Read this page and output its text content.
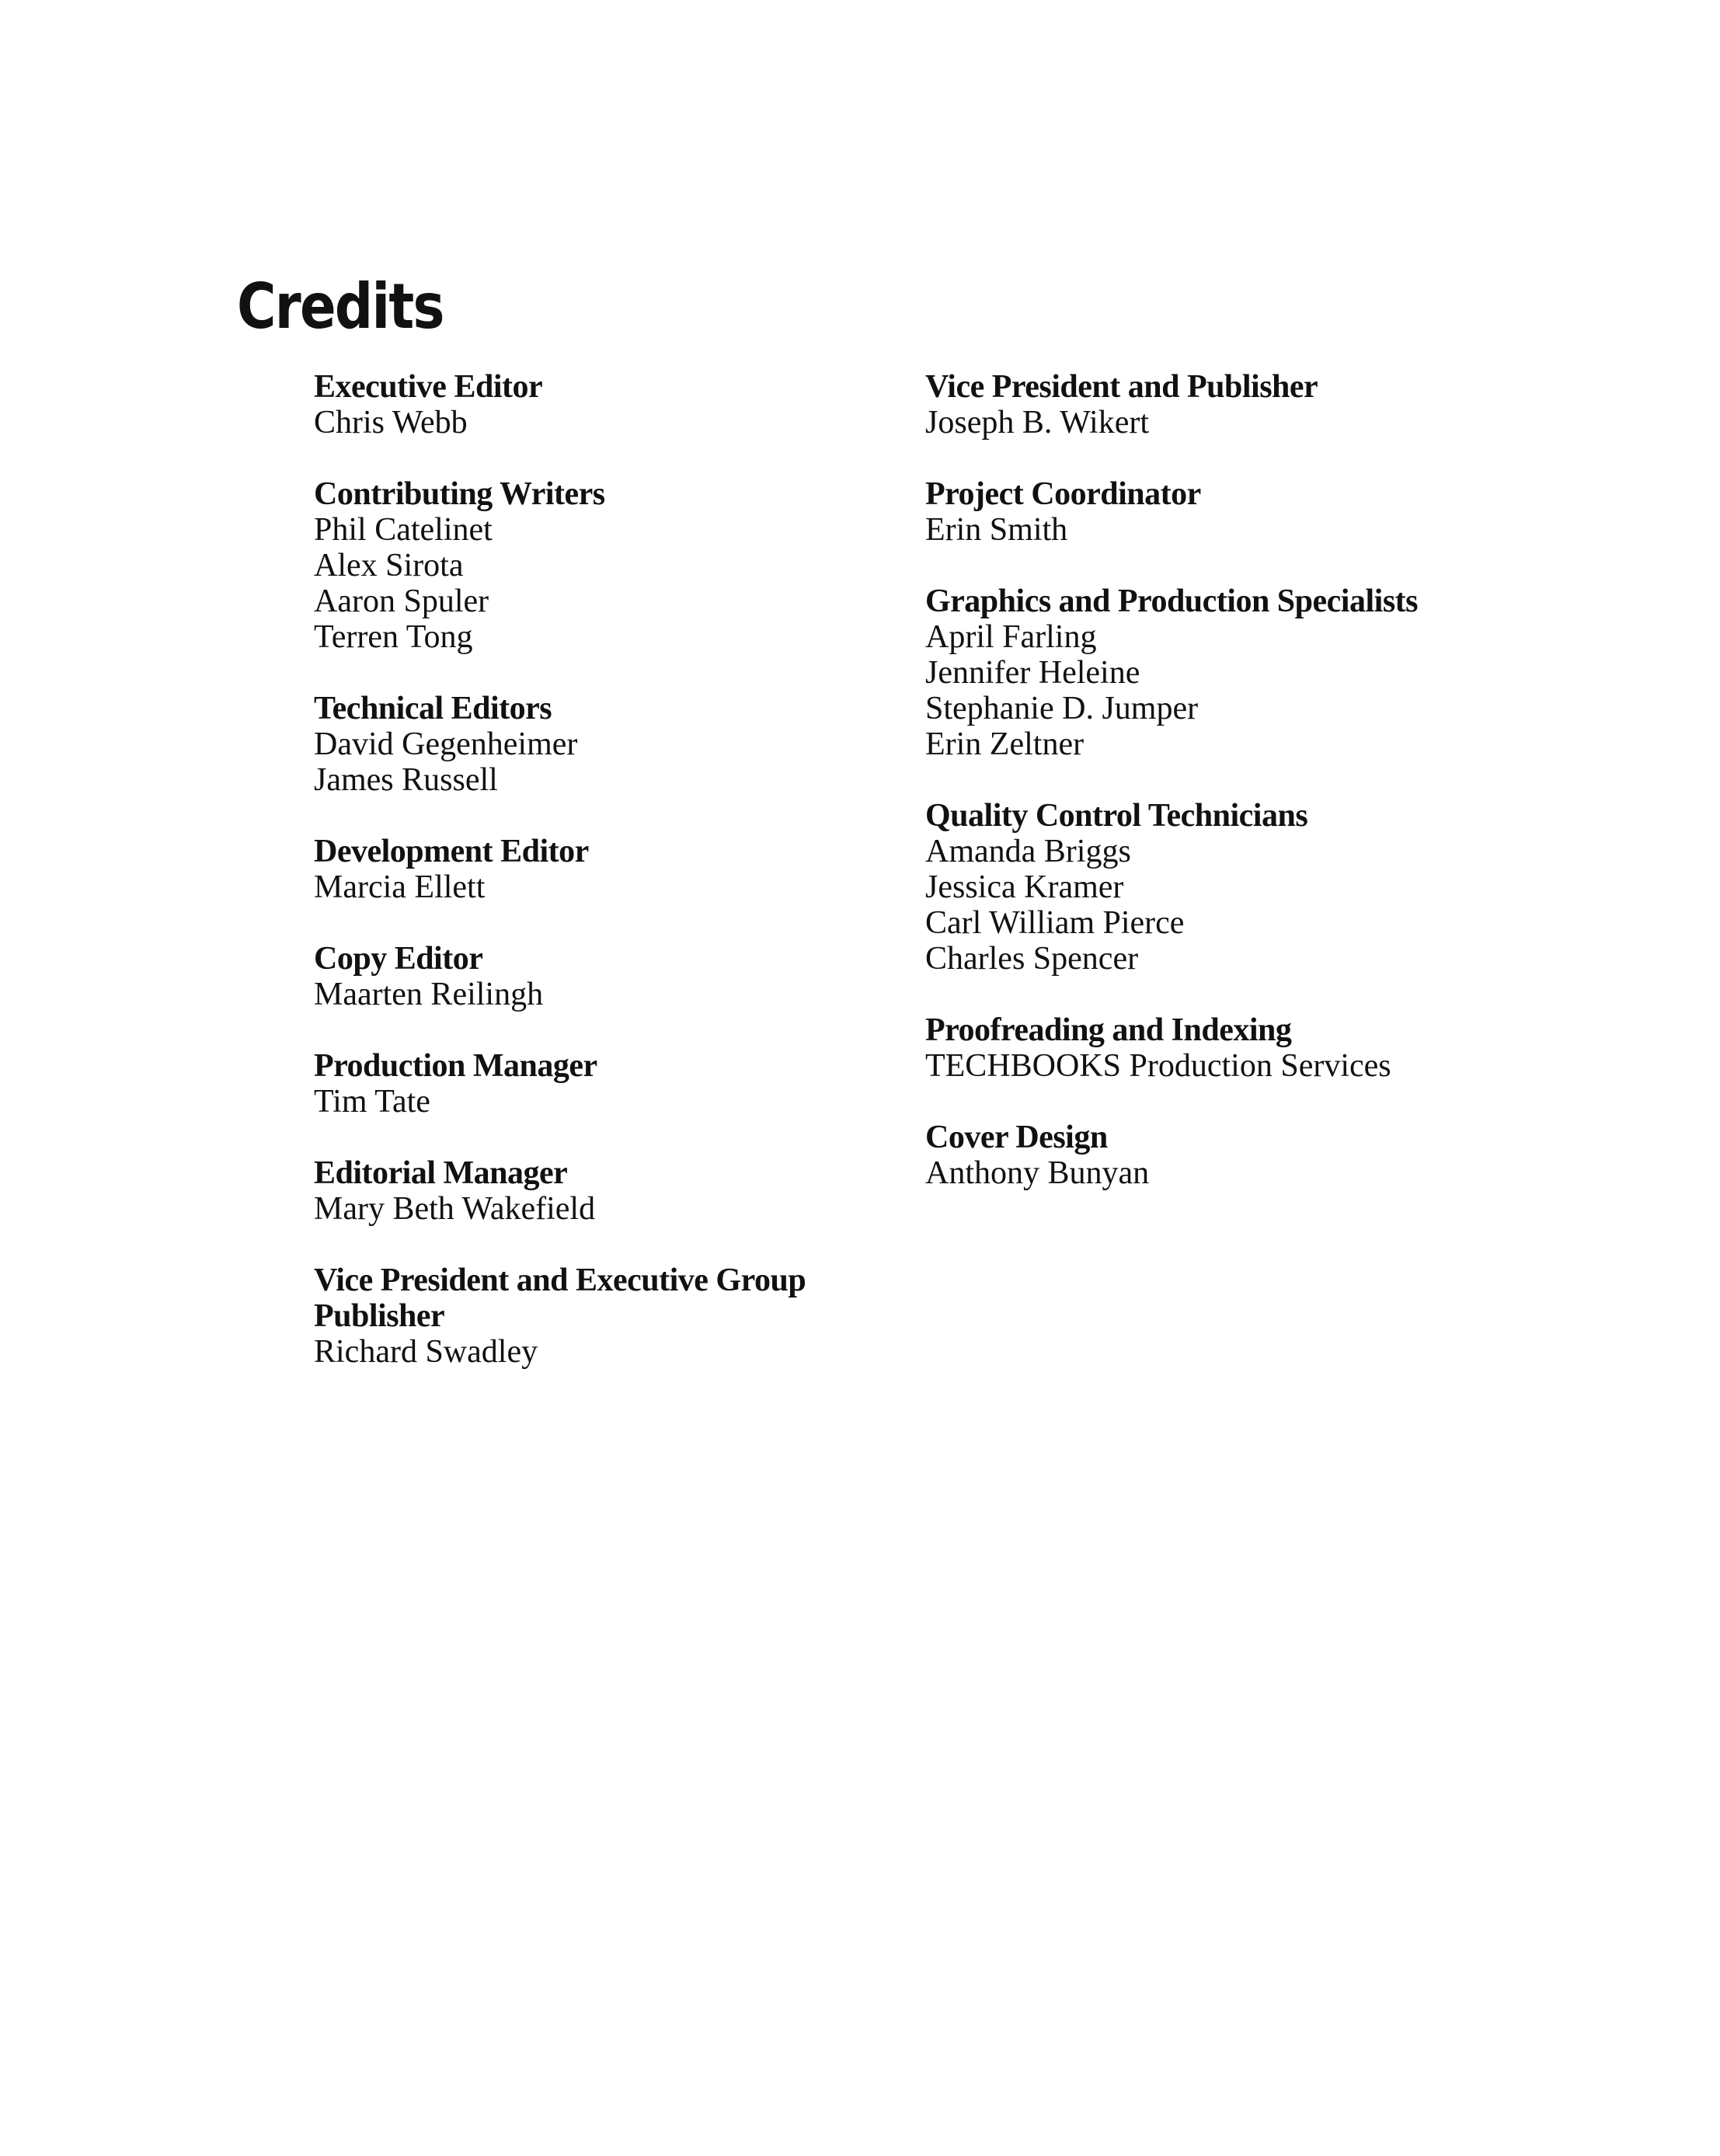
Credits
Executive Editor
Chris Webb
Contributing Writers
Phil Catelinet
Alex Sirota
Aaron Spuler
Terren Tong
Technical Editors
David Gegenheimer
James Russell
Development Editor
Marcia Ellett
Copy Editor
Maarten Reilingh
Production Manager
Tim Tate
Editorial Manager
Mary Beth Wakefield
Vice President and Executive Group Publisher
Richard Swadley
Vice President and Publisher
Joseph B. Wikert
Project Coordinator
Erin Smith
Graphics and Production Specialists
April Farling
Jennifer Heleine
Stephanie D. Jumper
Erin Zeltner
Quality Control Technicians
Amanda Briggs
Jessica Kramer
Carl William Pierce
Charles Spencer
Proofreading and Indexing
TECHBOOKS Production Services
Cover Design
Anthony Bunyan
